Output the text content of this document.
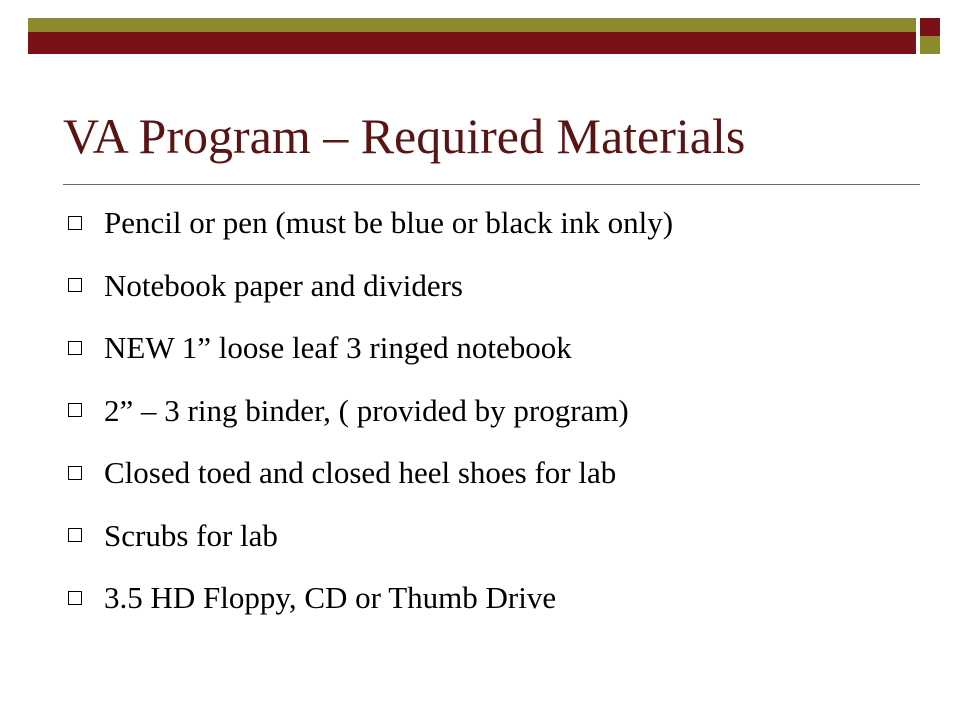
VA Program – Required Materials
Pencil or pen (must be blue or black ink only)
Notebook paper and dividers
NEW 1” loose leaf 3 ringed notebook
2” – 3 ring binder, ( provided by program)
Closed toed and closed heel shoes for lab
Scrubs for lab
3.5 HD Floppy, CD or Thumb Drive
